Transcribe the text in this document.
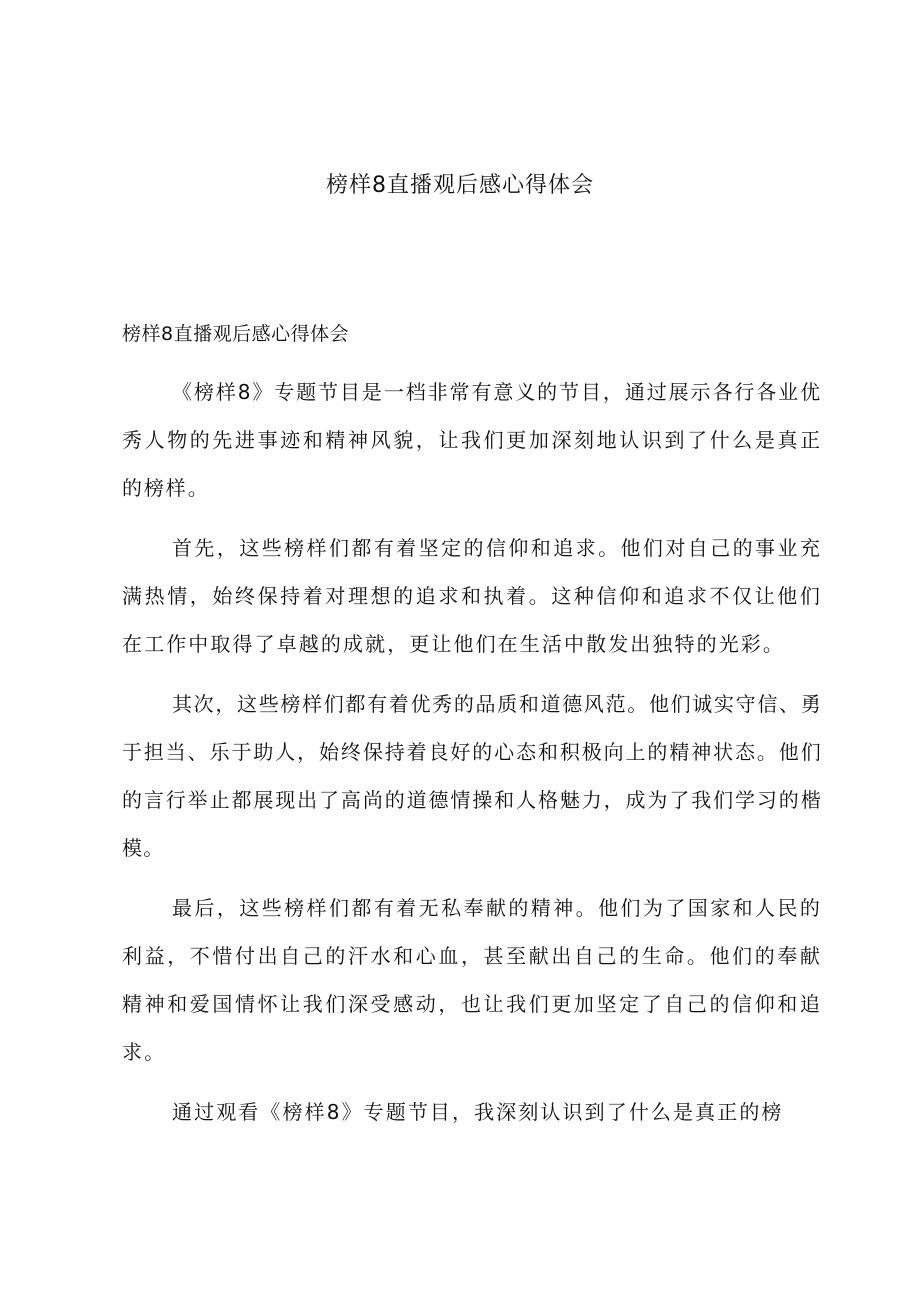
榜样8直播观后感心得体会

榜样8直播观后感心得体会

《榜样8》专题节目是一档非常有意义的节目，通过展示各行各业优秀人物的先进事迹和精神风貌，让我们更加深刻地认识到了什么是真正的榜样。

首先，这些榜样们都有着坚定的信仰和追求。他们对自己的事业充满热情，始终保持着对理想的追求和执着。这种信仰和追求不仅让他们在工作中取得了卓越的成就，更让他们在生活中散发出独特的光彩。

其次，这些榜样们都有着优秀的品质和道德风范。他们诚实守信、勇于担当、乐于助人，始终保持着良好的心态和积极向上的精神状态。他们的言行举止都展现出了高尚的道德情操和人格魅力，成为了我们学习的楷模。

最后，这些榜样们都有着无私奉献的精神。他们为了国家和人民的利益，不惜付出自己的汗水和心血，甚至献出自己的生命。他们的奉献精神和爱国情怀让我们深受感动，也让我们更加坚定了自己的信仰和追求。

通过观看《榜样8》专题节目，我深刻认识到了什么是真正的榜
